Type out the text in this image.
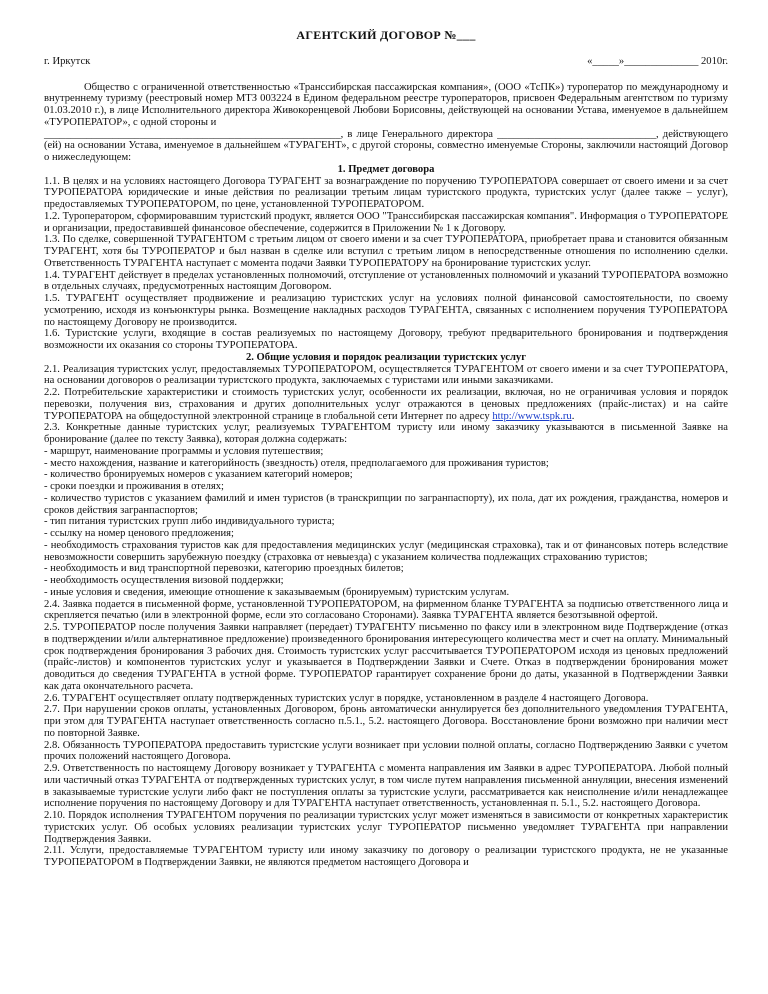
АГЕНТСКИЙ ДОГОВОР №___
г. Иркутск	«_____»______________ 2010г.

Общество с ограниченной ответственностью «Транссибирская пассажирская компания», (ООО «ТсПК») туроператор по международному и внутреннему туризму (реестровый номер МТЗ 003224 в Едином федеральном реестре туроператоров, присвоен Федеральным агентством по туризму 01.03.2010 г.), в лице Исполнительного директора Живокоренцевой Любови Борисовны, действующей на основании Устава, именуемое в дальнейшем «ТУРОПЕРАТОР», с одной стороны и

________________________________________________________, в лице Генерального директора ______________________________, действующего (ей) на основании Устава, именуемое в дальнейшем «ТУРАГЕНТ», с другой стороны, совместно именуемые Стороны, заключили настоящий Договор о нижеследующем:

1. Предмет договора

1.1. В целях и на условиях настоящего Договора ТУРАГЕНТ за вознаграждение по поручению ТУРОПЕРАТОРА совершает от своего имени и за счет ТУРОПЕРАТОРА юридические и иные действия по реализации третьим лицам туристского продукта, туристских услуг (далее также – услуг), предоставляемых ТУРОПЕРАТОРОМ, по цене, установленной ТУРОПЕРАТОРОМ.

1.2. Туроператором, сформировавшим туристский продукт, является ООО "Транссибирская пассажирская компания". Информация о ТУРОПЕРАТОРЕ и организации, предоставившей финансовое обеспечение, содержится в Приложении № 1 к Договору.

1.3. По сделке, совершенной ТУРАГЕНТОМ с третьим лицом от своего имени и за счет ТУРОПЕРАТОРА, приобретает права и становится обязанным ТУРАГЕНТ, хотя бы ТУРОПЕРАТОР и был назван в сделке или вступил с третьим лицом в непосредственные отношения по исполнению сделки. Ответственность ТУРАГЕНТА наступает с момента подачи Заявки ТУРОПЕРАТОРУ на бронирование туристских услуг.

1.4. ТУРАГЕНТ действует в пределах установленных полномочий, отступление от установленных полномочий и указаний ТУРОПЕРАТОРА возможно в отдельных случаях, предусмотренных настоящим Договором.

1.5. ТУРАГЕНТ осуществляет продвижение и реализацию туристских услуг на условиях полной финансовой самостоятельности, по своему усмотрению, исходя из конъюнктуры рынка. Возмещение накладных расходов ТУРАГЕНТА, связанных с исполнением поручения ТУРОПЕРАТОРА по настоящему Договору не производится.

1.6. Туристские услуги, входящие в состав реализуемых по настоящему Договору, требуют предварительного бронирования и подтверждения возможности их оказания со стороны ТУРОПЕРАТОРА.

2. Общие условия и порядок реализации туристских услуг

2.1. Реализация туристских услуг, предоставляемых ТУРОПЕРАТОРОМ, осуществляется ТУРАГЕНТОМ от своего имени и за счет ТУРОПЕРАТОРА, на основании договоров о реализации туристского продукта, заключаемых с туристами или иными заказчиками.

2.2. Потребительские характеристики и стоимость туристских услуг, особенности их реализации, включая, но не ограничивая условия и порядок перевозки, получения виз, страхования и других дополнительных услуг отражаются в ценовых предложениях (прайс-листах) и на сайте ТУРОПЕРАТОРА на общедоступной электронной странице в глобальной сети Интернет по адресу http://www.tspk.ru.

2.3. Конкретные данные туристских услуг, реализуемых ТУРАГЕНТОМ туристу или иному заказчику указываются в письменной Заявке на бронирование (далее по тексту Заявка), которая должна содержать:

- маршрут, наименование программы и условия путешествия;

- место нахождения, название и категорийность (звездность) отеля, предполагаемого для проживания туристов;

- количество бронируемых номеров с указанием категорий номеров;

- сроки поездки и проживания в отелях;

- количество туристов с указанием фамилий и имен туристов (в транскрипции по загранпаспорту), их пола, дат их рождения, гражданства, номеров и сроков действия загранпаспортов;

- тип питания туристских групп либо индивидуального туриста;

- ссылку на номер ценового предложения;

- необходимость страхования туристов как для предоставления медицинских услуг (медицинская страховка), так и от финансовых потерь вследствие невозможности совершить зарубежную поездку (страховка от невыезда) с указанием количества подлежащих страхованию туристов;

- необходимость и вид транспортной перевозки, категорию проездных билетов;

- необходимость осуществления визовой поддержки;

- иные условия и сведения, имеющие отношение к заказываемым (бронируемым) туристским услугам.

2.4. Заявка подается в письменной форме, установленной ТУРОПЕРАТОРОМ, на фирменном бланке ТУРАГЕНТА за подписью ответственного лица и скрепляется печатью (или в электронной форме, если это согласовано Сторонами). Заявка ТУРАГЕНТА является безотзывной офертой.

2.5. ТУРОПЕРАТОР после получения Заявки направляет (передает) ТУРАГЕНТУ письменно по факсу или в электронном виде Подтверждение (отказ в подтверждении и/или альтернативное предложение) произведенного бронирования интересующего количества мест и счет на оплату. Минимальный срок подтверждения бронирования 3 рабочих дня. Стоимость туристских услуг рассчитывается ТУРОПЕРАТОРОМ исходя из ценовых предложений (прайс-листов) и компонентов туристских услуг и указывается в Подтверждении Заявки и Счете. Отказ в подтверждении бронирования может доводиться до сведения ТУРАГЕНТА в устной форме. ТУРОПЕРАТОР гарантирует сохранение брони до даты, указанной в Подтверждении Заявки как дата окончательного расчета.

2.6. ТУРАГЕНТ осуществляет оплату подтвержденных туристских услуг в порядке, установленном в разделе 4 настоящего Договора.

2.7. При нарушении сроков оплаты, установленных Договором, бронь автоматически аннулируется без дополнительного уведомления ТУРАГЕНТА, при этом для ТУРАГЕНТА наступает ответственность согласно п.5.1., 5.2. настоящего Договора. Восстановление брони возможно при наличии мест по повторной Заявке.

2.8. Обязанность ТУРОПЕРАТОРА предоставить туристские услуги возникает при условии полной оплаты, согласно Подтверждению Заявки с учетом прочих положений настоящего Договора.

2.9. Ответственность по настоящему Договору возникает у ТУРАГЕНТА с момента направления им Заявки в адрес ТУРОПЕРАТОРА. Любой полный или частичный отказ ТУРАГЕНТА от подтвержденных туристских услуг, в том числе путем направления письменной аннуляции, внесения изменений в заказываемые туристские услуги либо факт не поступления оплаты за туристские услуги, рассматривается как неисполнение и/или ненадлежащее исполнение поручения по настоящему Договору и для ТУРАГЕНТА наступает ответственность, установленная п. 5.1., 5.2. настоящего Договора.

2.10. Порядок исполнения ТУРАГЕНТОМ поручения по реализации туристских услуг может изменяться в зависимости от конкретных характеристик туристских услуг. Об особых условиях реализации туристских услуг ТУРОПЕРАТОР письменно уведомляет ТУРАГЕНТА при направлении Подтверждения Заявки.

2.11. Услуги, предоставляемые ТУРАГЕНТОМ туристу или иному заказчику по договору о реализации туристского продукта, не не указанные ТУРОПЕРАТОРОМ в Подтверждении Заявки, не являются предметом настоящего Договора и
